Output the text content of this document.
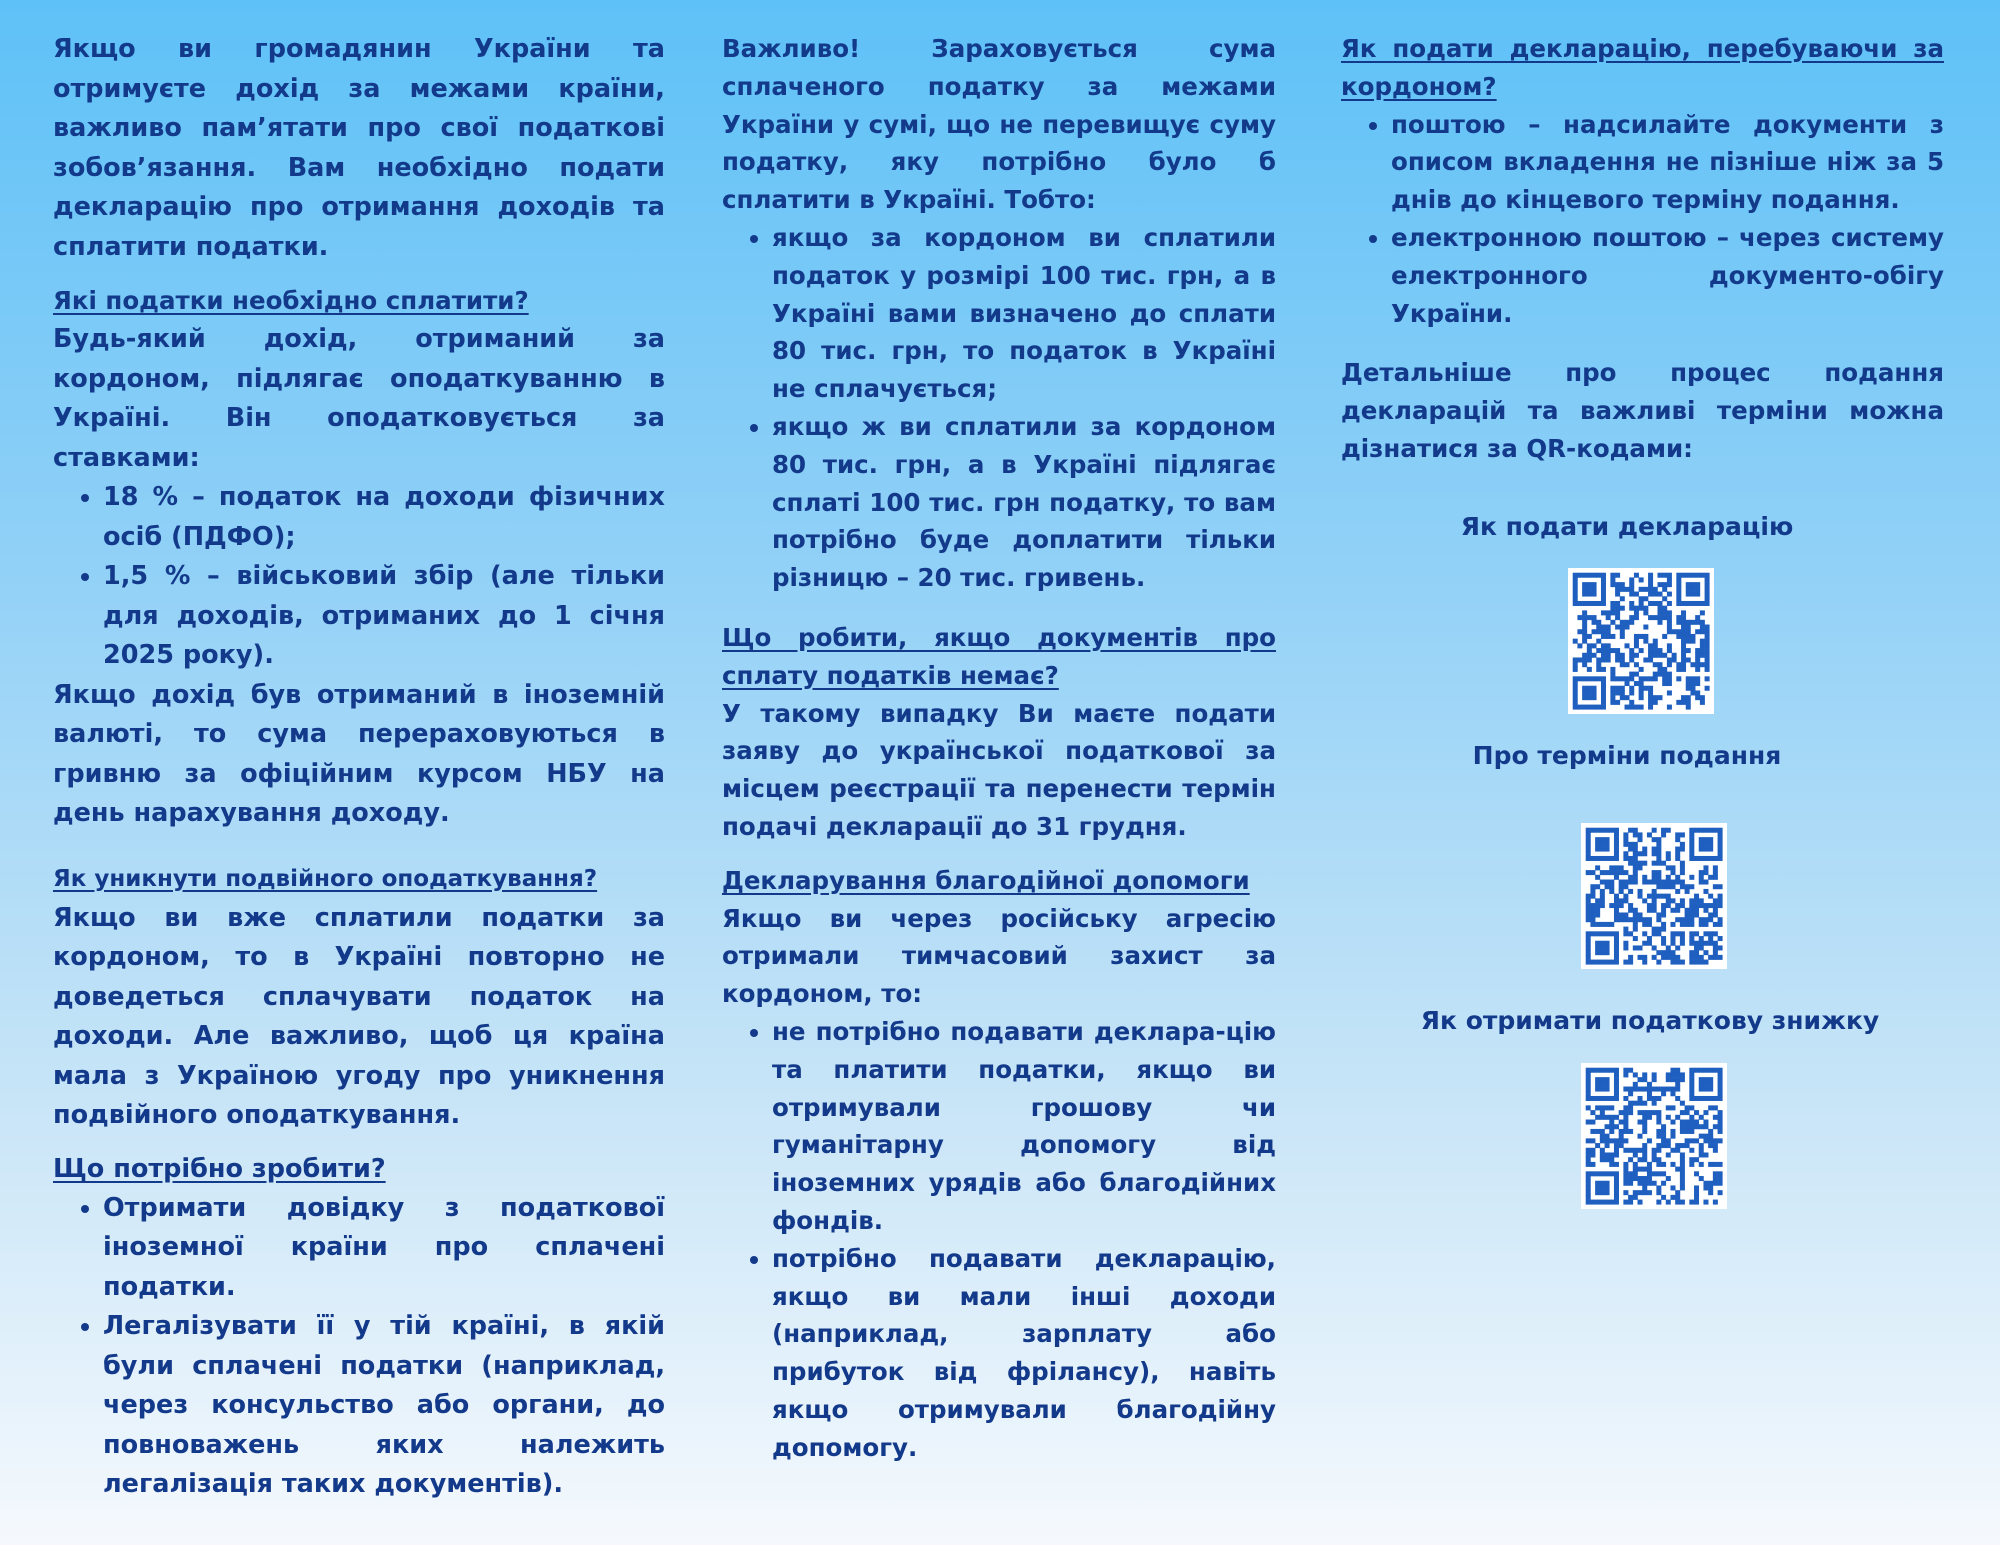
Якщо ви громадянин України та отримуєте дохід за межами країни, важливо пам’ятати про свої податкові зобов’язання. Вам необхідно подати декларацію про отримання доходів та сплатити податки.

Які податки необхідно сплатити?

Будь-який дохід, отриманий за кордоном, підлягає оподаткуванню в Україні. Він оподатковується за ставками:

• 18 % – податок на доходи фізичних осіб (ПДФО);
• 1,5 % – військовий збір (але тільки для доходів, отриманих до 1 січня 2025 року).

Якщо дохід був отриманий в іноземній валюті, то сума перераховуються в гривню за офіційним курсом НБУ на день нарахування доходу.

Як уникнути подвійного оподаткування?

Якщо ви вже сплатили податки за кордоном, то в Україні повторно не доведеться сплачувати податок на доходи. Але важливо, щоб ця країна мала з Україною угоду про уникнення подвійного оподаткування.

Що потрібно зробити?
• Отримати довідку з податкової іноземної країни про сплачені податки.
• Легалізувати її у тій країні, в якій були сплачені податки (наприклад, через консульство або органи, до повноважень яких належить легалізація таких документів).

Важливо! Зараховується сума сплаченого податку за межами України у сумі, що не перевищує суму податку, яку потрібно було б сплатити в Україні. Тобто:

• якщо за кордоном ви сплатили податок у розмірі 100 тис. грн, а в Україні вами визначено до сплати 80 тис. грн, то податок в Україні не сплачується;
• якщо ж ви сплатили за кордоном 80 тис. грн, а в Україні підлягає сплаті 100 тис. грн податку, то вам потрібно буде доплатити тільки різницю – 20 тис. гривень.
Що робити, якщо документів про сплату податків немає?

У такому випадку Ви маєте подати заяву до української податкової за місцем реєстрації та перенести термін подачі декларації до 31 грудня.

Декларування благодійної допомоги

Якщо ви через російську агресію отримали тимчасовий захист за кордоном, то:

• не потрібно подавати деклара-цію та платити податки, якщо ви отримували грошову чи гуманітарну допомогу від іноземних урядів або благодійних фондів.
• потрібно подавати декларацію, якщо ви мали інші доходи (наприклад, зарплату або прибуток від фрілансу), навіть якщо отримували благодійну допомогу.
Як подати декларацію, перебуваючи за кордоном?
• поштою – надсилайте документи з описом вкладення не пізніше ніж за 5 днів до кінцевого терміну подання.
• електронною поштою – через систему електронного документо-обігу України.

Детальніше про процес подання декларацій та важливі терміни можна дізнатися за QR-кодами:

Як подати декларацію
Про терміни подання
Як отримати податкову знижку
